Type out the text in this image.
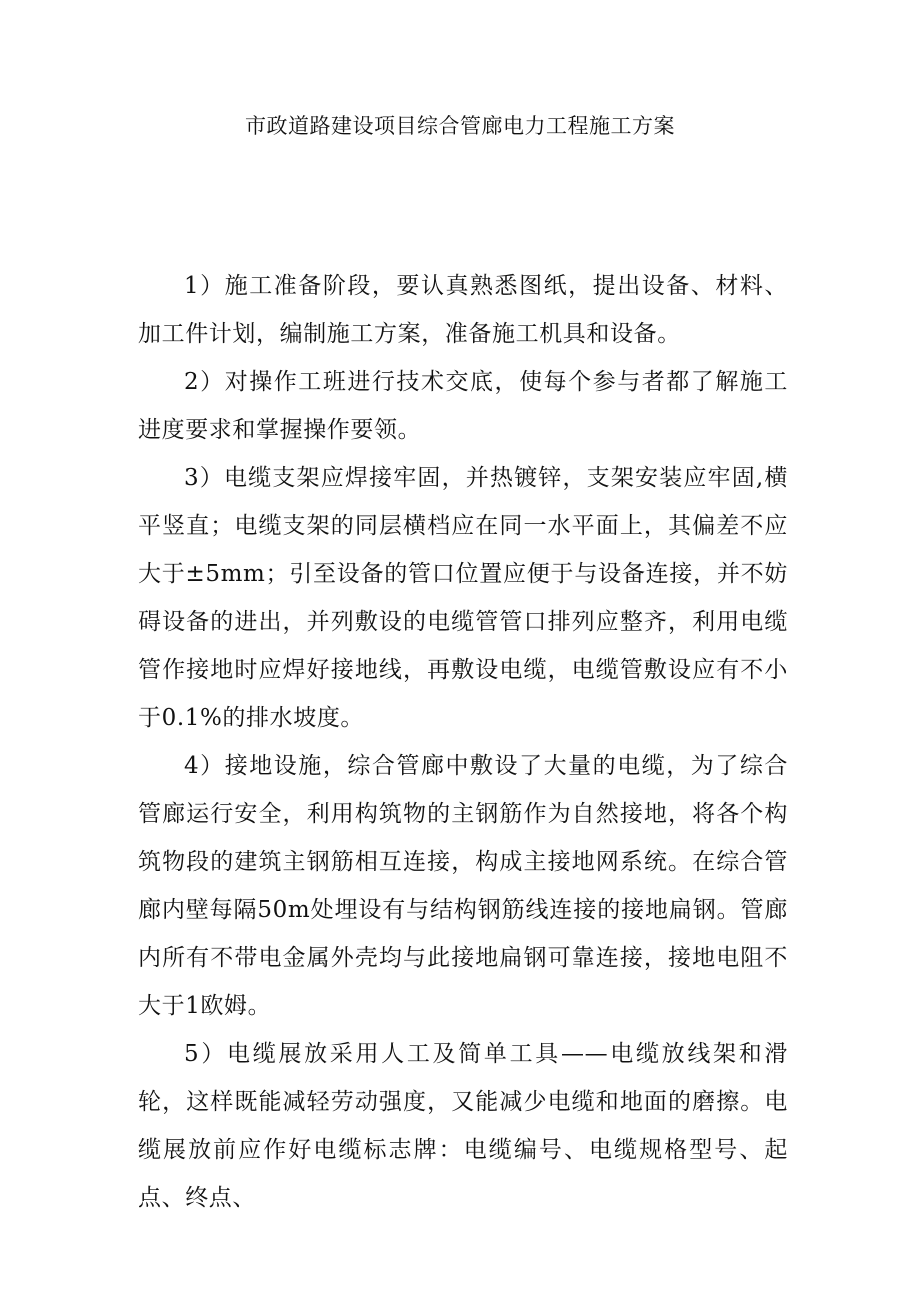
市政道路建设项目综合管廊电力工程施工方案

1）施工准备阶段，要认真熟悉图纸，提出设备、材料、加工件计划，编制施工方案，准备施工机具和设备。

2）对操作工班进行技术交底，使每个参与者都了解施工进度要求和掌握操作要领。

3）电缆支架应焊接牢固，并热镀锌，支架安装应牢固,横平竖直；电缆支架的同层横档应在同一水平面上，其偏差不应大于±5mm；引至设备的管口位置应便于与设备连接，并不妨碍设备的进出，并列敷设的电缆管管口排列应整齐，利用电缆管作接地时应焊好接地线，再敷设电缆，电缆管敷设应有不小于0.1%的排水坡度。

4）接地设施，综合管廊中敷设了大量的电缆，为了综合管廊运行安全，利用构筑物的主钢筋作为自然接地，将各个构筑物段的建筑主钢筋相互连接，构成主接地网系统。在综合管廊内壁每隔50m处埋设有与结构钢筋线连接的接地扁钢。管廊内所有不带电金属外壳均与此接地扁钢可靠连接，接地电阻不大于1欧姆。

5）电缆展放采用人工及简单工具——电缆放线架和滑轮，这样既能减轻劳动强度，又能减少电缆和地面的磨擦。电缆展放前应作好电缆标志牌：电缆编号、电缆规格型号、起点、终点、
